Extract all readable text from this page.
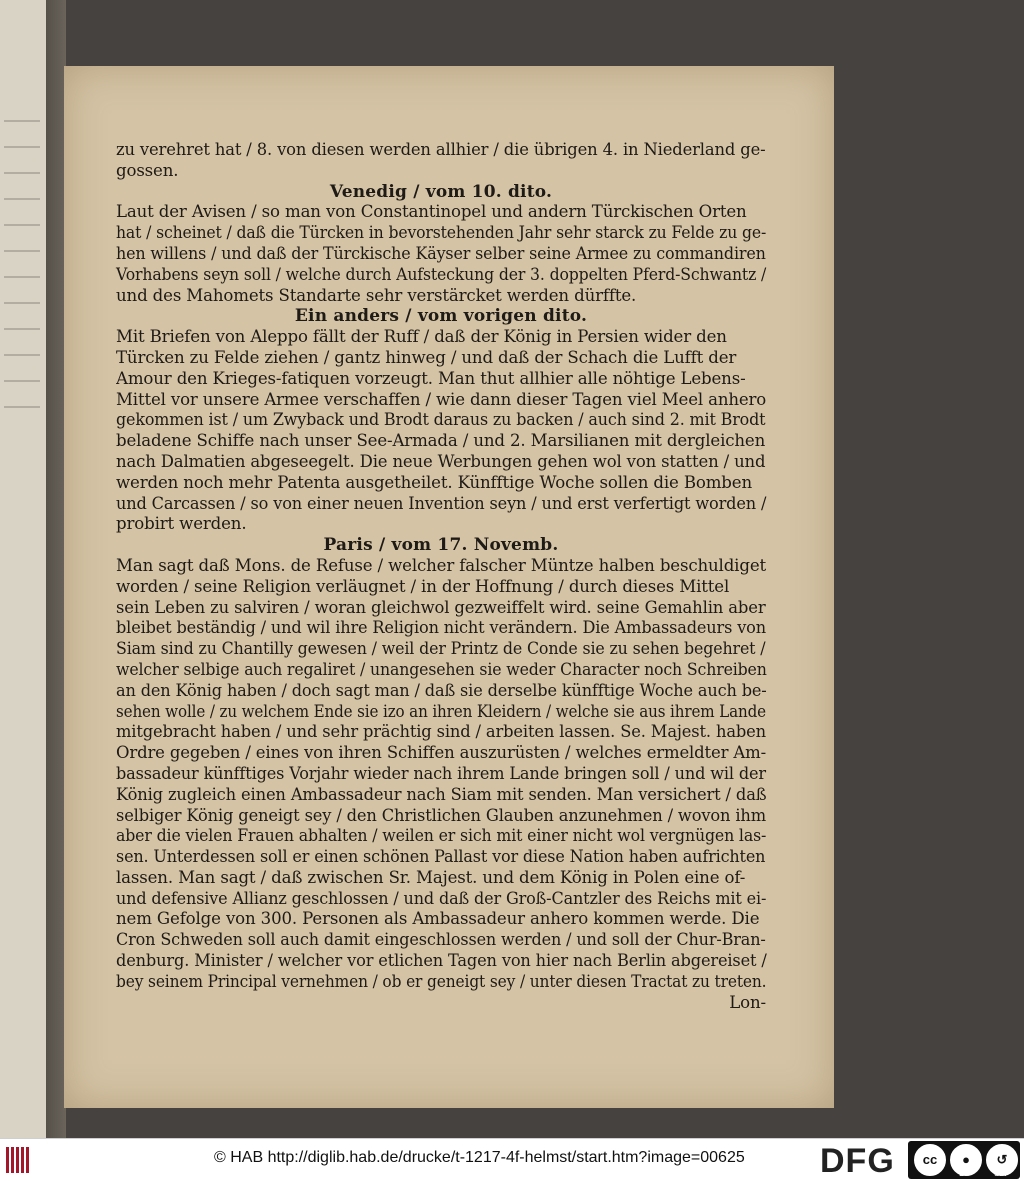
zu verehret hat / 8. von diesen werden allhier / die übrigen 4. in Niederland ge-
gossen.
Venedig / vom 10. dito.
Laut der Avisen / so man von Constantinopel und andern Türckischen Orten
hat / scheinet / daß die Türcken in bevorstehenden Jahr sehr starck zu Felde zu ge-
hen willens / und daß der Türckische Käyser selber seine Armee zu commandiren
Vorhabens seyn soll / welche durch Aufsteckung der 3. doppelten Pferd-Schwantz /
und des Mahomets Standarte sehr verstärcket werden dürffte.
Ein anders / vom vorigen dito.
Mit Briefen von Aleppo fällt der Ruff / daß der König in Persien wider den
Türcken zu Felde ziehen / gantz hinweg / und daß der Schach die Lufft der
Amour den Krieges-fatiquen vorzeugt. Man thut allhier alle nöhtige Lebens-
Mittel vor unsere Armee verschaffen / wie dann dieser Tagen viel Meel anhero
gekommen ist / um Zwyback und Brodt daraus zu backen / auch sind 2. mit Brodt
beladene Schiffe nach unser See-Armada / und 2. Marsilianen mit dergleichen
nach Dalmatien abgeseegelt. Die neue Werbungen gehen wol von statten / und
werden noch mehr Patenta ausgetheilet. Künfftige Woche sollen die Bomben
und Carcassen / so von einer neuen Invention seyn / und erst verfertigt worden /
probirt werden.
Paris / vom 17. Novemb.
Man sagt daß Mons. de Refuse / welcher falscher Müntze halben beschuldiget
worden / seine Religion verläugnet / in der Hoffnung / durch dieses Mittel
sein Leben zu salviren / woran gleichwol gezweiffelt wird. seine Gemahlin aber
bleibet beständig / und wil ihre Religion nicht verändern. Die Ambassadeurs von
Siam sind zu Chantilly gewesen / weil der Printz de Conde sie zu sehen begehret /
welcher selbige auch regaliret / unangesehen sie weder Character noch Schreiben
an den König haben / doch sagt man / daß sie derselbe künfftige Woche auch be-
sehen wolle / zu welchem Ende sie izo an ihren Kleidern / welche sie aus ihrem Lande
mitgebracht haben / und sehr prächtig sind / arbeiten lassen. Se. Majest. haben
Ordre gegeben / eines von ihren Schiffen auszurüsten / welches ermeldter Am-
bassadeur künfftiges Vorjahr wieder nach ihrem Lande bringen soll / und wil der
König zugleich einen Ambassadeur nach Siam mit senden. Man versichert / daß
selbiger König geneigt sey / den Christlichen Glauben anzunehmen / wovon ihm
aber die vielen Frauen abhalten / weilen er sich mit einer nicht wol vergnügen las-
sen. Unterdessen soll er einen schönen Pallast vor diese Nation haben aufrichten
lassen. Man sagt / daß zwischen Sr. Majest. und dem König in Polen eine of-
und defensive Allianz geschlossen / und daß der Groß-Cantzler des Reichs mit ei-
nem Gefolge von 300. Personen als Ambassadeur anhero kommen werde. Die
Cron Schweden soll auch damit eingeschlossen werden / und soll der Chur-Bran-
denburg. Minister / welcher vor etlichen Tagen von hier nach Berlin abgereiset /
bey seinem Principal vernehmen / ob er geneigt sey / unter diesen Tractat zu treten.
Lon-
© HAB http://diglib.hab.de/drucke/t-1217-4f-helmst/start.htm?image=00625 DFG	cc	●	↺
BY	SA
